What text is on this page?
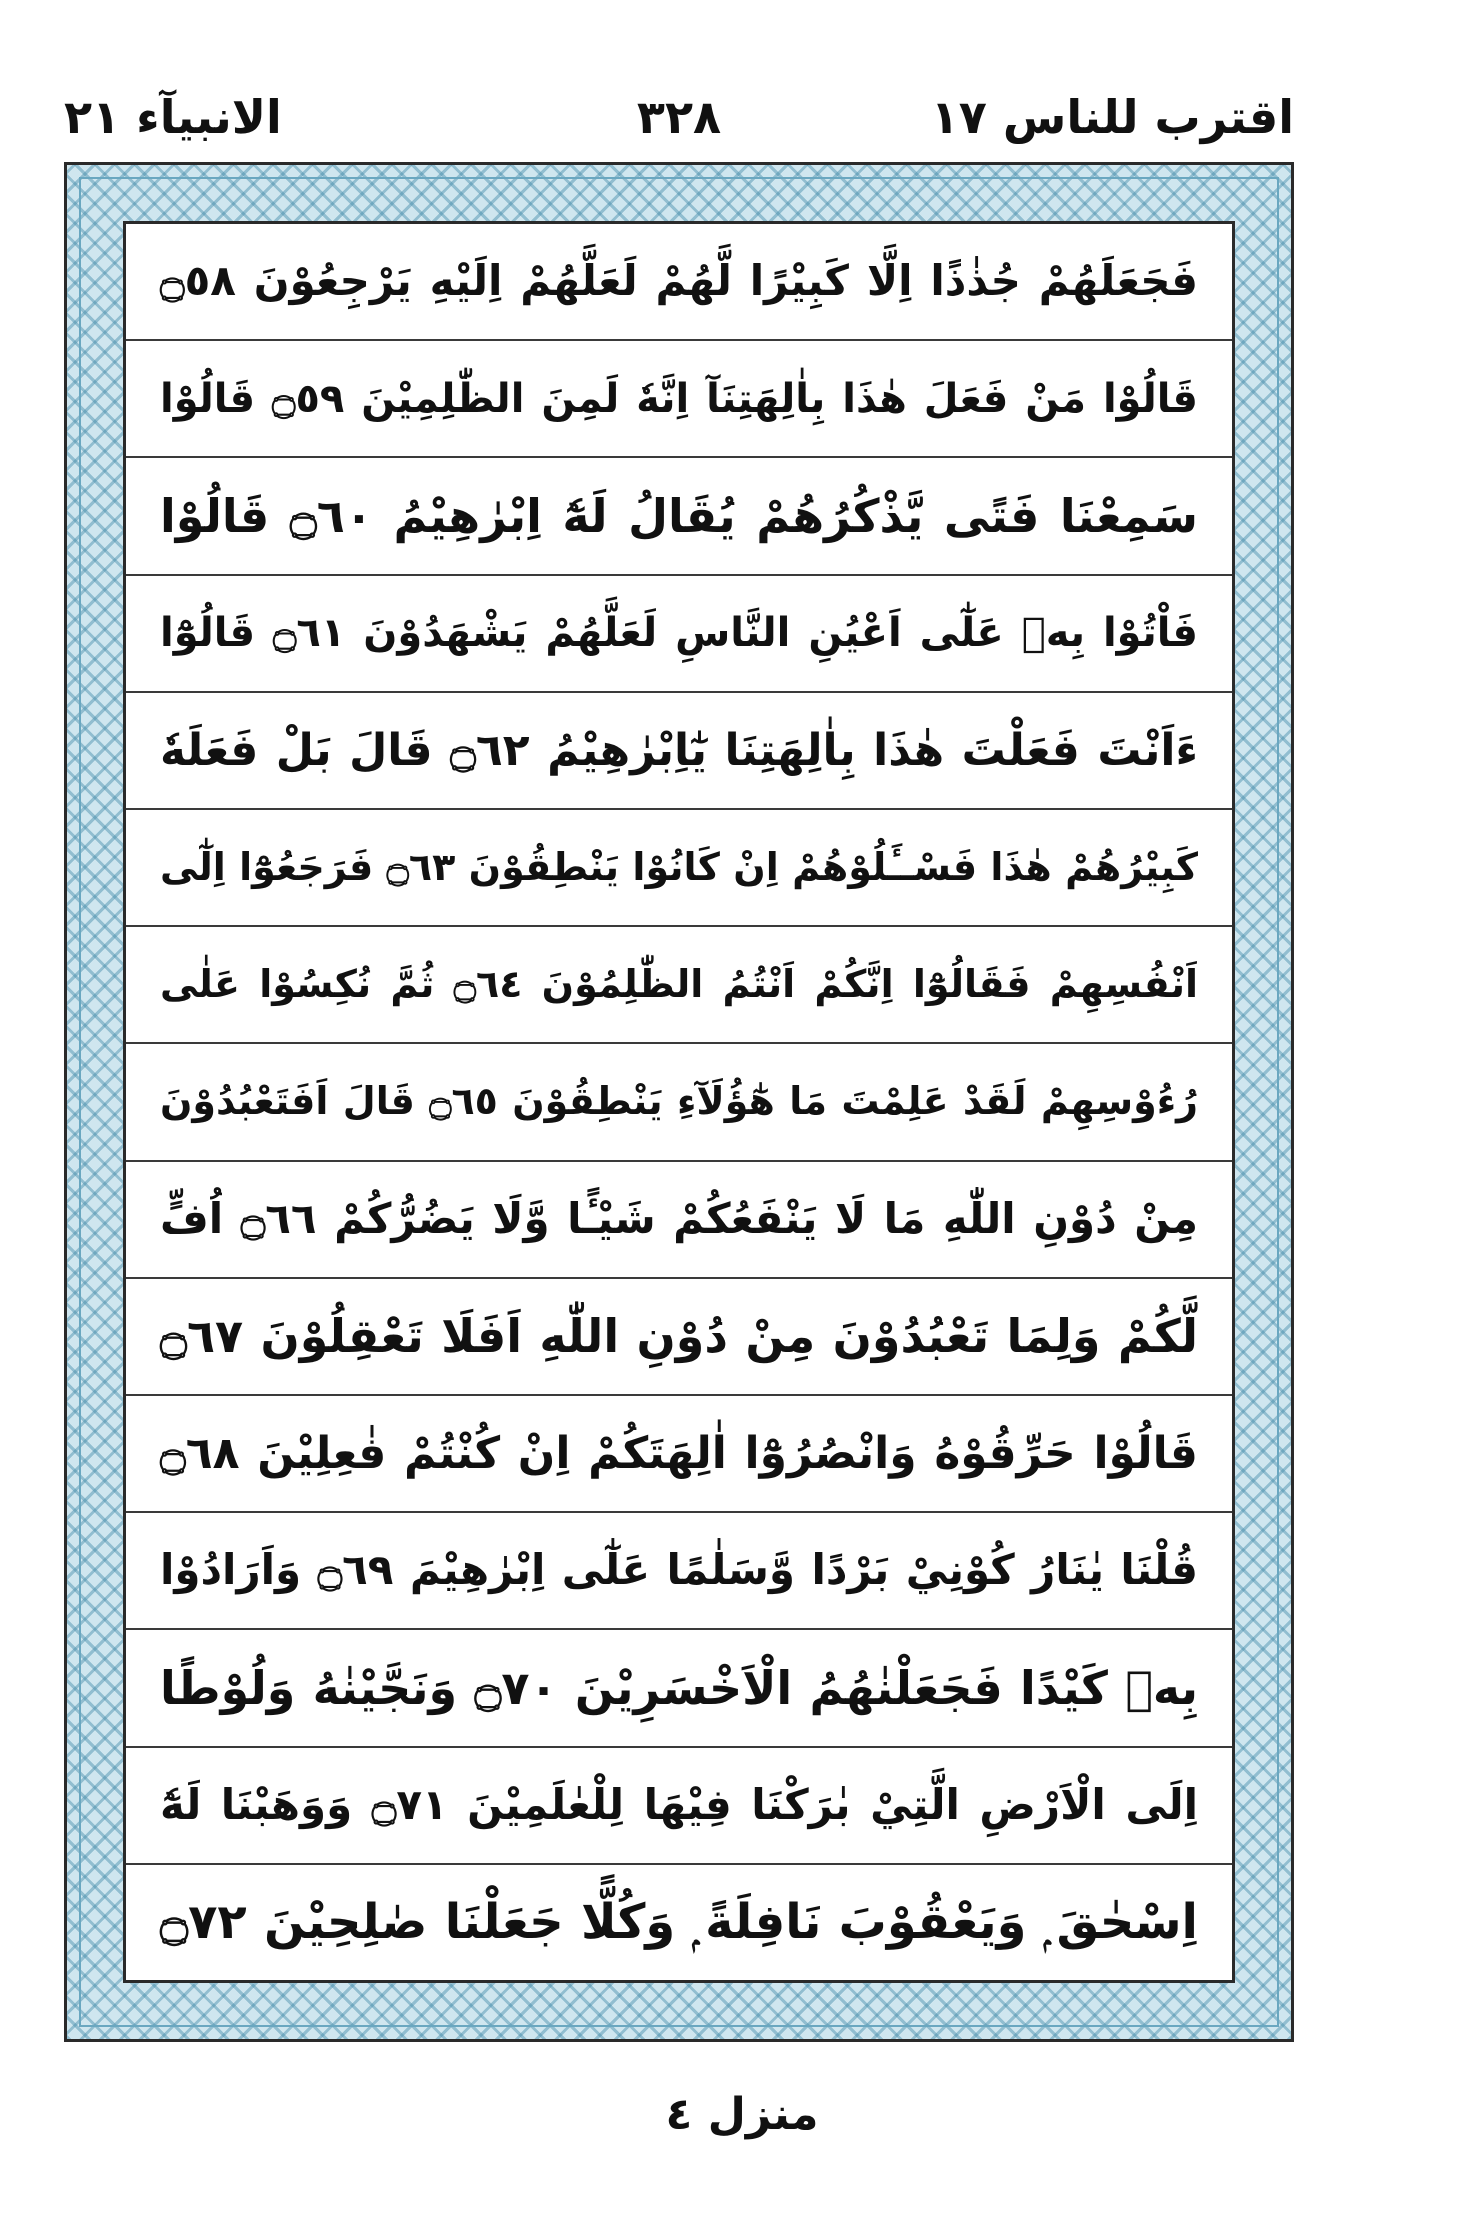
اقترب للناس ١٧
٣٢٨
الانبیآء ٢١
فَجَعَلَهُمْ جُذٰذًا اِلَّا كَبِيْرًا لَّهُمْ لَعَلَّهُمْ اِلَيْهِ يَرْجِعُوْنَ ۝٥٨
قَالُوْا مَنْ فَعَلَ هٰذَا بِاٰلِهَتِنَآ اِنَّهٗ لَمِنَ الظّٰلِمِيْنَ ۝٥٩ قَالُوْا
سَمِعْنَا فَتًى يَّذْكُرُهُمْ يُقَالُ لَهٗٓ اِبْرٰهِيْمُ ۝٦٠ قَالُوْا
فَاْتُوْا بِهٖ عَلٰٓى اَعْيُنِ النَّاسِ لَعَلَّهُمْ يَشْهَدُوْنَ ۝٦١ قَالُوْٓا
ءَاَنْتَ فَعَلْتَ هٰذَا بِاٰلِهَتِنَا يٰٓاِبْرٰهِيْمُ ۝٦٢ قَالَ بَلْ فَعَلَهٗ
كَبِيْرُهُمْ هٰذَا فَسْــَٔلُوْهُمْ اِنْ كَانُوْا يَنْطِقُوْنَ ۝٦٣ فَرَجَعُوْٓا اِلٰٓى
اَنْفُسِهِمْ فَقَالُوْٓا اِنَّكُمْ اَنْتُمُ الظّٰلِمُوْنَ ۝٦٤ ثُمَّ نُكِسُوْا عَلٰى
رُءُوْسِهِمْ لَقَدْ عَلِمْتَ مَا هٰٓؤُلَآءِ يَنْطِقُوْنَ ۝٦٥ قَالَ اَفَتَعْبُدُوْنَ
مِنْ دُوْنِ اللّٰهِ مَا لَا يَنْفَعُكُمْ شَيْـًٔا وَّلَا يَضُرُّكُمْ ۝٦٦ اُفٍّ
لَّكُمْ وَلِمَا تَعْبُدُوْنَ مِنْ دُوْنِ اللّٰهِ اَفَلَا تَعْقِلُوْنَ ۝٦٧
قَالُوْا حَرِّقُوْهُ وَانْصُرُوْٓا اٰلِهَتَكُمْ اِنْ كُنْتُمْ فٰعِلِيْنَ ۝٦٨
قُلْنَا يٰنَارُ كُوْنِيْ بَرْدًا وَّسَلٰمًا عَلٰٓى اِبْرٰهِيْمَ ۝٦٩ وَاَرَادُوْا
بِهٖ كَيْدًا فَجَعَلْنٰهُمُ الْاَخْسَرِيْنَ ۝٧٠ وَنَجَّيْنٰهُ وَلُوْطًا
اِلَى الْاَرْضِ الَّتِيْ بٰرَكْنَا فِيْهَا لِلْعٰلَمِيْنَ ۝٧١ وَوَهَبْنَا لَهٗٓ
اِسْحٰقَ ۭ وَيَعْقُوْبَ نَافِلَةً ۭ وَكُلًّا جَعَلْنَا صٰلِحِيْنَ ۝٧٢
منزل ٤
